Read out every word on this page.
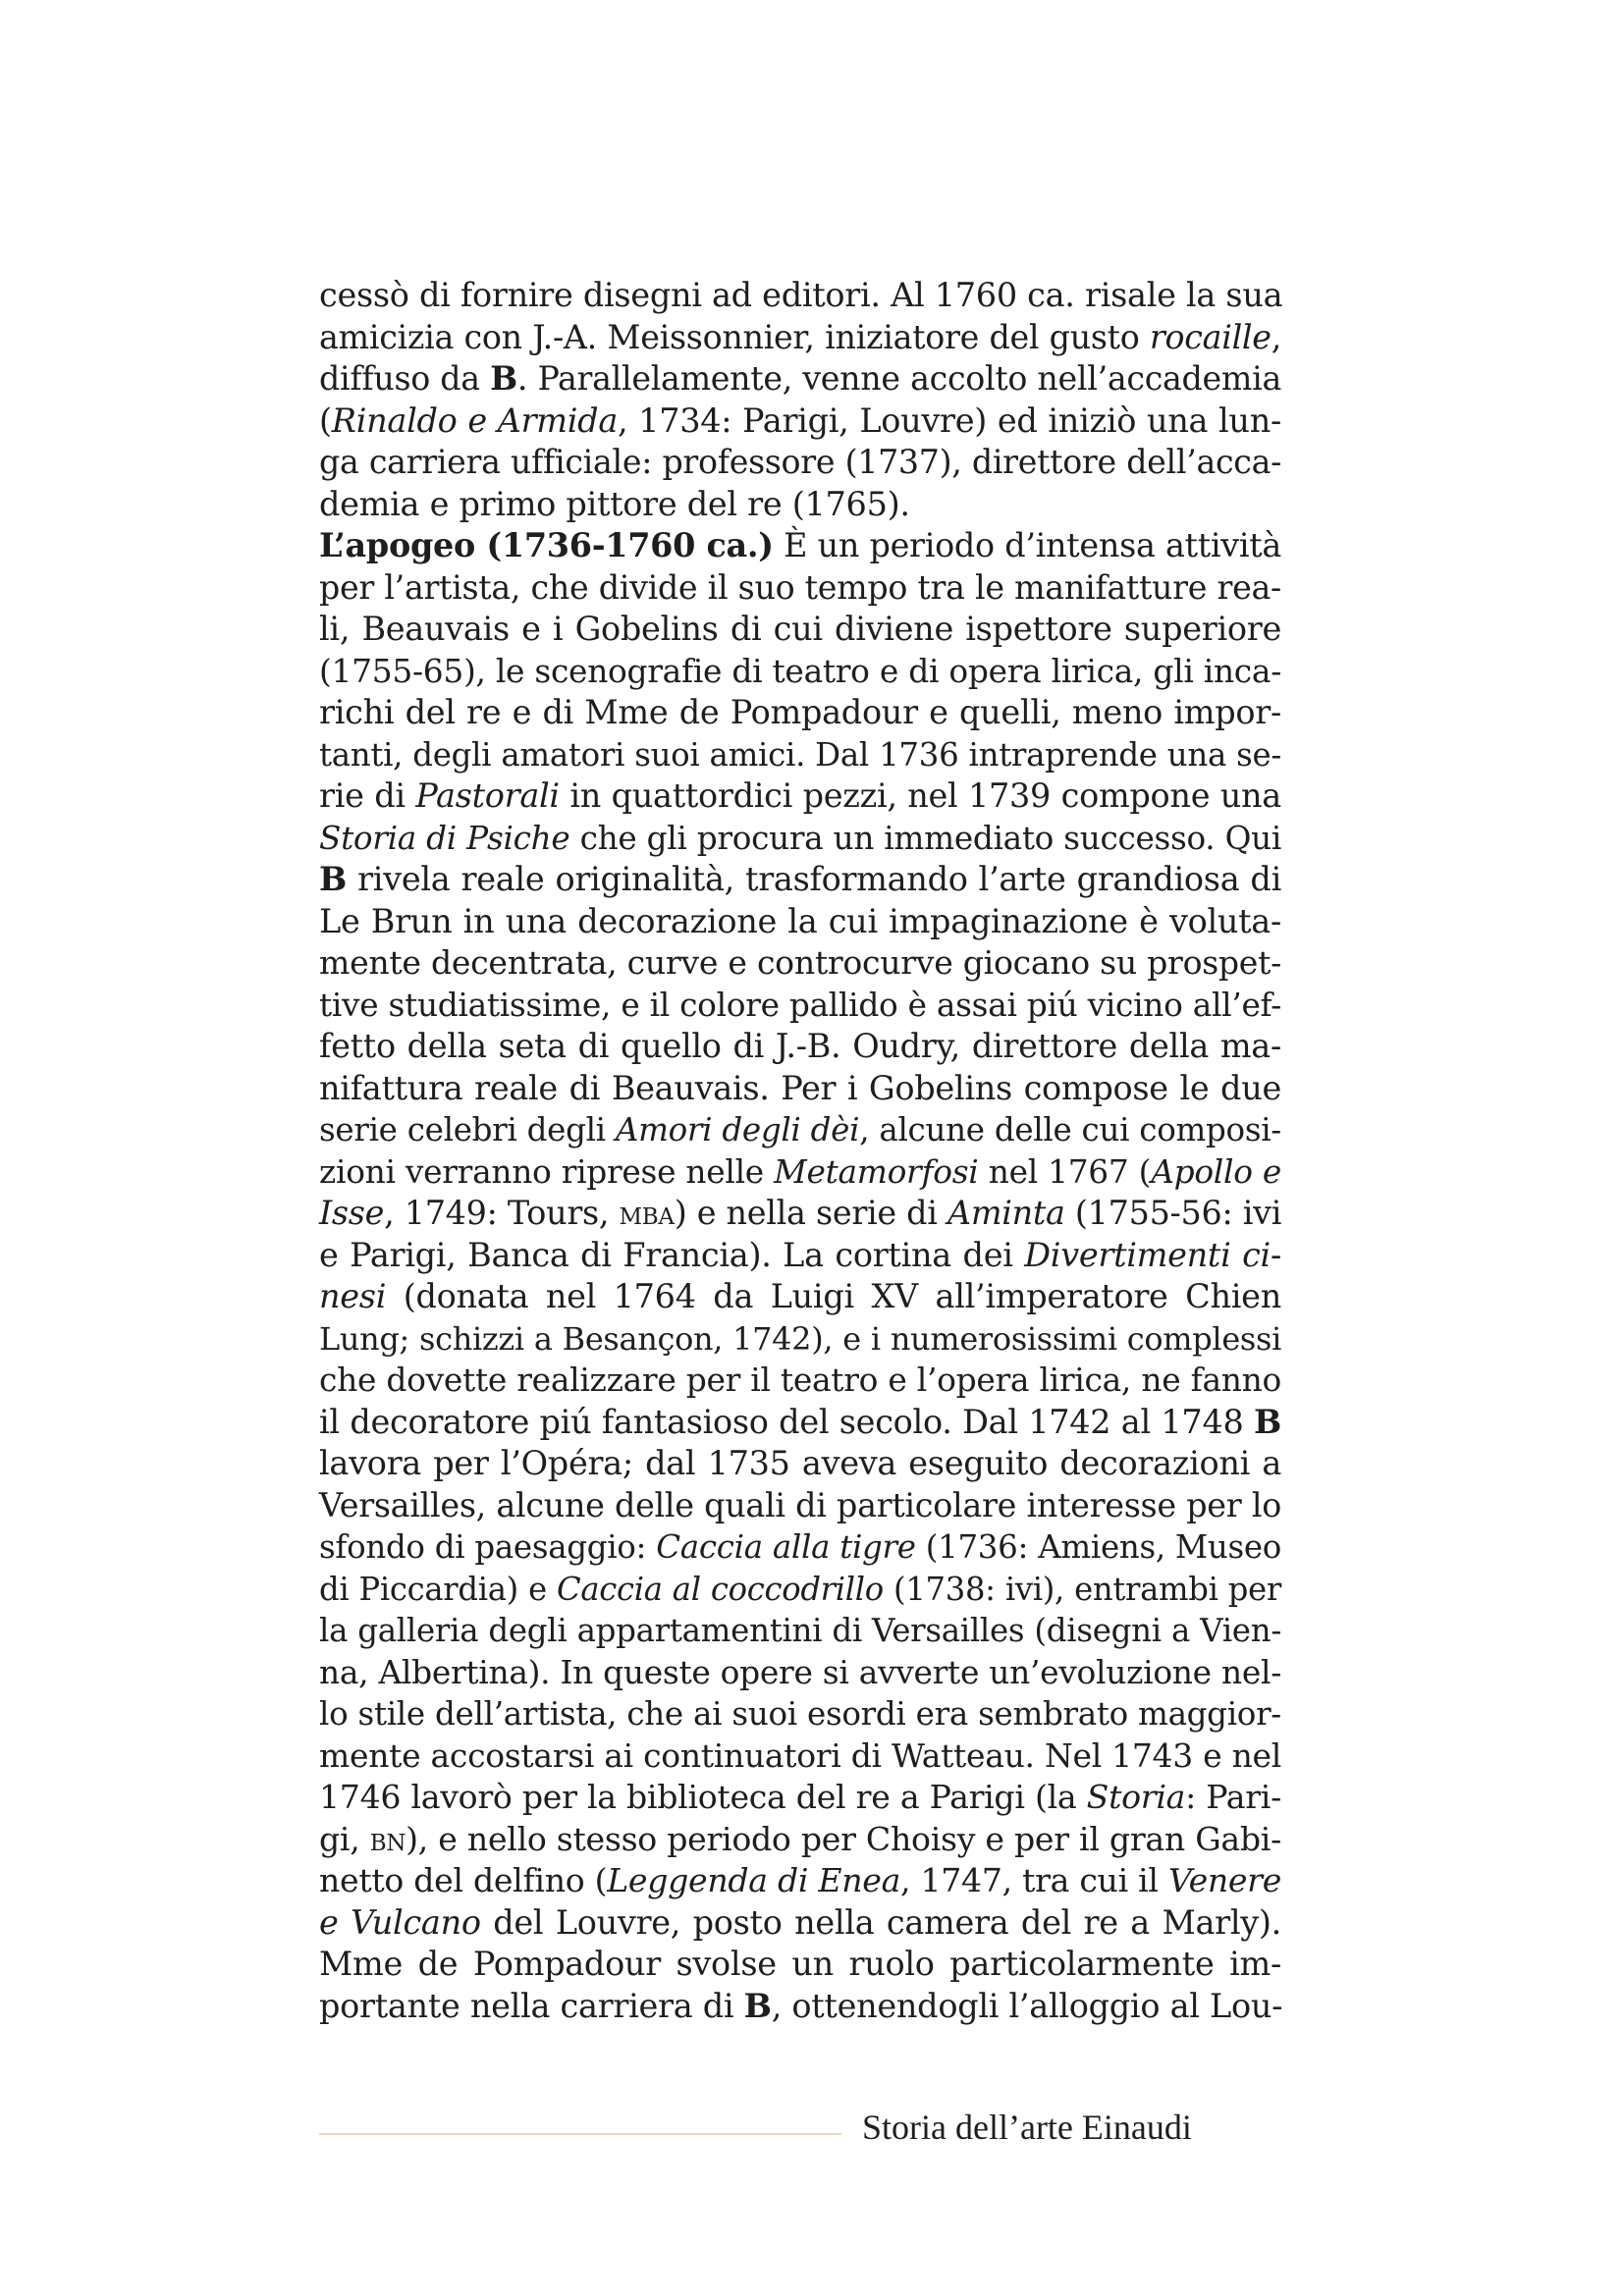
cessò di fornire disegni ad editori. Al 1760 ca. risale la sua
amicizia con J.-A. Meissonnier, iniziatore del gusto rocaille,
diffuso da B. Parallelamente, venne accolto nell’accademia
(Rinaldo e Armida, 1734: Parigi, Louvre) ed iniziò una lun-
ga carriera ufficiale: professore (1737), direttore dell’acca-
demia e primo pittore del re (1765).
L’apogeo (1736-1760 ca.) È un periodo d’intensa attività
per l’artista, che divide il suo tempo tra le manifatture rea-
li, Beauvais e i Gobelins di cui diviene ispettore superiore
(1755-65), le scenografie di teatro e di opera lirica, gli inca-
richi del re e di Mme de Pompadour e quelli, meno impor-
tanti, degli amatori suoi amici. Dal 1736 intraprende una se-
rie di Pastorali in quattordici pezzi, nel 1739 compone una
Storia di Psiche che gli procura un immediato successo. Qui
B rivela reale originalità, trasformando l’arte grandiosa di
Le Brun in una decorazione la cui impaginazione è voluta-
mente decentrata, curve e controcurve giocano su prospet-
tive studiatissime, e il colore pallido è assai piú vicino all’ef-
fetto della seta di quello di J.-B. Oudry, direttore della ma-
nifattura reale di Beauvais. Per i Gobelins compose le due
serie celebri degli Amori degli dèi, alcune delle cui composi-
zioni verranno riprese nelle Metamorfosi nel 1767 (Apollo e
Isse, 1749: Tours, mba) e nella serie di Aminta (1755-56: ivi
e Parigi, Banca di Francia). La cortina dei Divertimenti ci-
nesi (donata nel 1764 da Luigi XV all’imperatore Chien
Lung; schizzi a Besançon, 1742), e i numerosissimi complessi
che dovette realizzare per il teatro e l’opera lirica, ne fanno
il decoratore piú fantasioso del secolo. Dal 1742 al 1748 B
lavora per l’Opéra; dal 1735 aveva eseguito decorazioni a
Versailles, alcune delle quali di particolare interesse per lo
sfondo di paesaggio: Caccia alla tigre (1736: Amiens, Museo
di Piccardia) e Caccia al coccodrillo (1738: ivi), entrambi per
la galleria degli appartamentini di Versailles (disegni a Vien-
na, Albertina). In queste opere si avverte un’evoluzione nel-
lo stile dell’artista, che ai suoi esordi era sembrato maggior-
mente accostarsi ai continuatori di Watteau. Nel 1743 e nel
1746 lavorò per la biblioteca del re a Parigi (la Storia: Pari-
gi, bn), e nello stesso periodo per Choisy e per il gran Gabi-
netto del delfino (Leggenda di Enea, 1747, tra cui il Venere
e Vulcano del Louvre, posto nella camera del re a Marly).
Mme de Pompadour svolse un ruolo particolarmente im-
portante nella carriera di B, ottenendogli l’alloggio al Lou-
Storia dell’arte Einaudi
